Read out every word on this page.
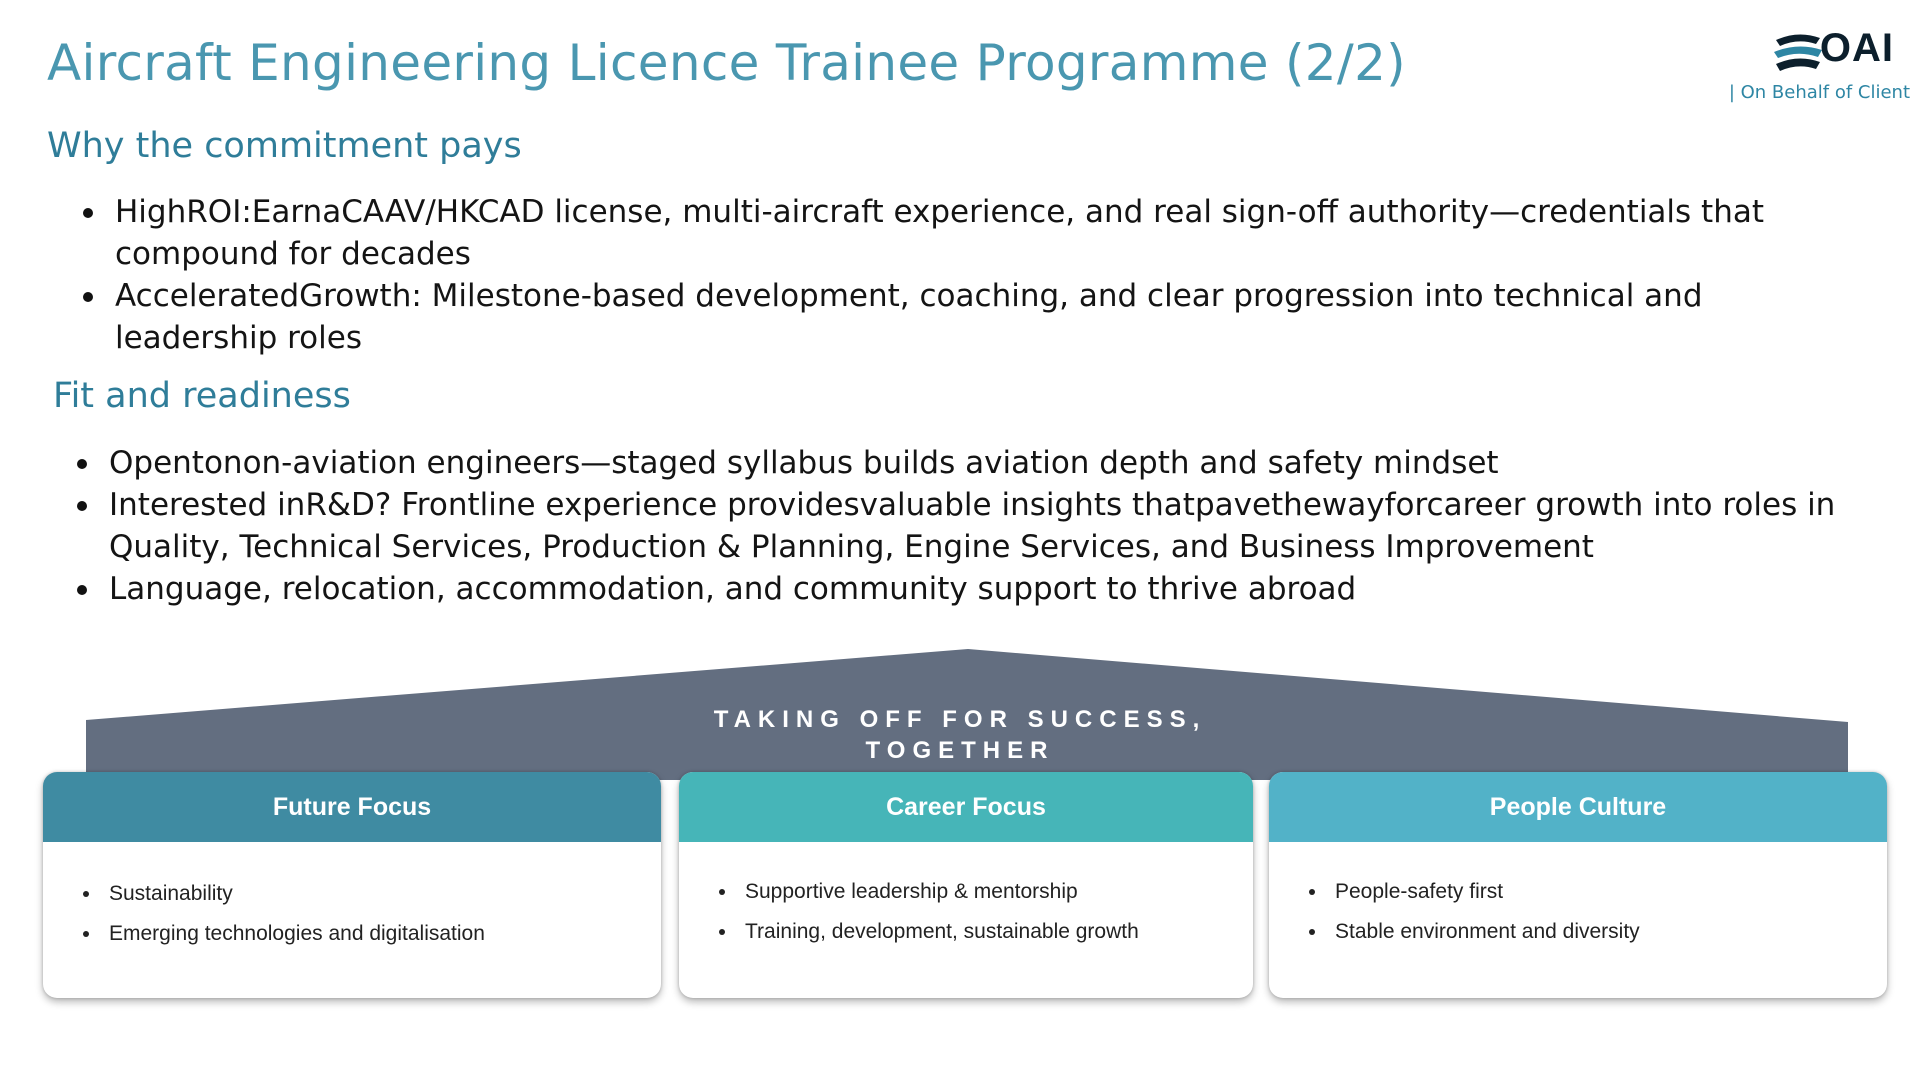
Aircraft Engineering Licence Trainee Programme (2/2)	OAI
| On Behalf of Client
Why the commitment pays
HighROI:EarnaCAAV/HKCAD license, multi-aircraft experience, and real sign-off authority—credentials that
compound for decades
AcceleratedGrowth: Milestone-based development, coaching, and clear progression into technical and
leadership roles
Fit and readiness
Opentonon-aviation engineers—staged syllabus builds aviation depth and safety mindset
Interested inR&D? Frontline experience providesvaluable insights thatpavethewayforcareer growth into roles in
Quality, Technical Services, Production & Planning, Engine Services, and Business Improvement
Language, relocation, accommodation, and community support to thrive abroad
TAKING OFF FOR SUCCESS,
TOGETHER
Future Focus
Sustainability
Emerging technologies and digitalisation
Career Focus
Supportive leadership & mentorship
Training, development, sustainable growth
People Culture
People-safety first
Stable environment and diversity
